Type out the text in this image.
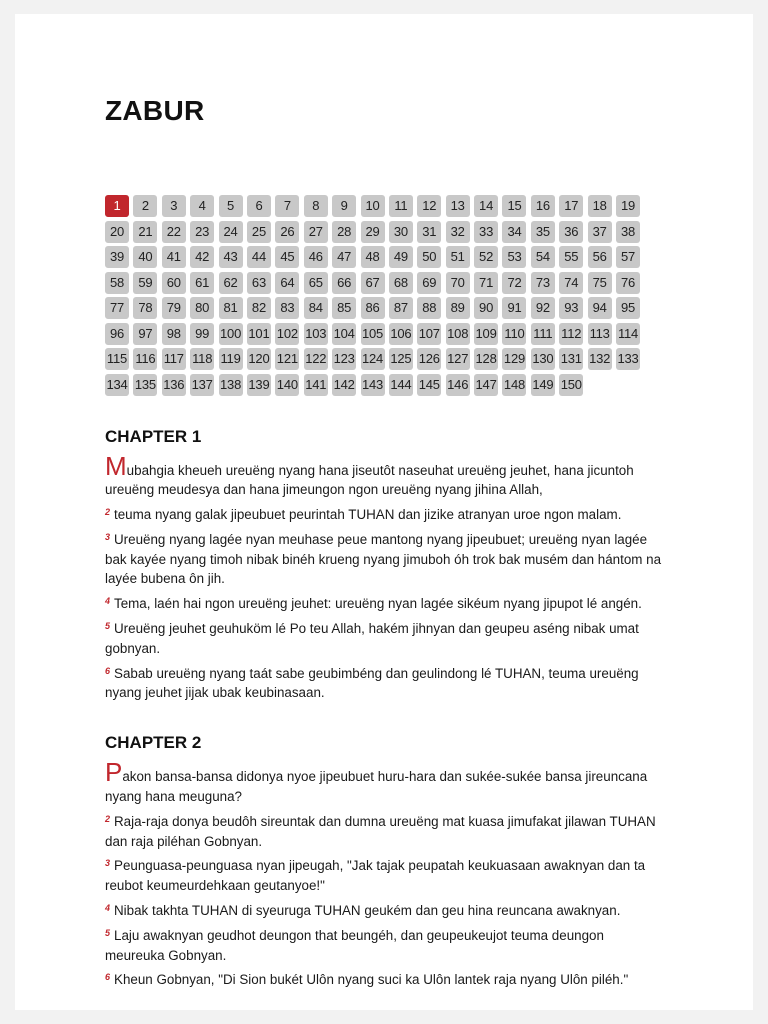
ZABUR
1	2	3	4	5	6	7	8	9	10	11	12	13	14	15	16	17	18	19
20	21	22	23	24	25	26	27	28	29	30	31	32	33	34	35	36	37	38
39	40	41	42	43	44	45	46	47	48	49	50	51	52	53	54	55	56	57
58	59	60	61	62	63	64	65	66	67	68	69	70	71	72	73	74	75	76
77	78	79	80	81	82	83	84	85	86	87	88	89	90	91	92	93	94	95
96	97	98	99 100 101 102 103 104 105 106 107 108 109 110 111 112 113 114
115 116 117 118 119 120 121 122 123 124 125 126 127 128 129 130 131 132 133
134 135 136 137 138 139 140 141 142 143 144 145 146 147 148 149 150
CHAPTER 1

Mubahgia kheueh ureuëng nyang hana jiseutôt naseuhat ureuëng jeuhet, hana jicuntoh ureuëng meudesya dan hana jimeungon ngon ureuëng nyang jihina Allah,

$^2$ teuma nyang galak jipeubuet peurintah TUHAN dan jizike atranyan uroe ngon malam.

$^3$ Ureuëng nyang lagée nyan meuhase peue mantong nyang jipeubuet; ureuëng nyan lagée bak kayée nyang timoh nibak binéh krueng nyang jimuboh óh trok bak musém dan hántom na layée bubena ôn jih.

$^4$ Tema, laén hai ngon ureuëng jeuhet: ureuëng nyan lagée sikéum nyang jipupot lé angén.

$^5$ Ureuëng jeuhet geuhuköm lé Po teu Allah, hakém jihnyan dan geupeu aséng nibak umat gobnyan.

$^6$ Sabab ureuëng nyang taát sabe geubimbéng dan geulindong lé TUHAN, teuma ureuëng nyang jeuhet jijak ubak keubinasaan.

CHAPTER 2

Pakon bansa-bansa didonya nyoe jipeubuet huru-hara dan sukée-sukée bansa jireuncana nyang hana meuguna?

$^2$ Raja-raja donya beudôh sireuntak dan dumna ureuëng mat kuasa jimufakat jilawan TUHAN dan raja piléhan Gobnyan.

$^3$ Peunguasa-peunguasa nyan jipeugah, "Jak tajak peupatah keukuasaan awaknyan dan ta reubot keumeurdehkaan geutanyoe!"

$^4$ Nibak takhta TUHAN di syeuruga TUHAN geukém dan geu hina reuncana awaknyan.

$^5$ Laju awaknyan geudhot deungon that beungéh, dan geupeukeujot teuma deungon meureuka Gobnyan.

$^6$ Kheun Gobnyan, "Di Sion bukét Ulôn nyang suci ka Ulôn lantek raja nyang Ulôn piléh."
